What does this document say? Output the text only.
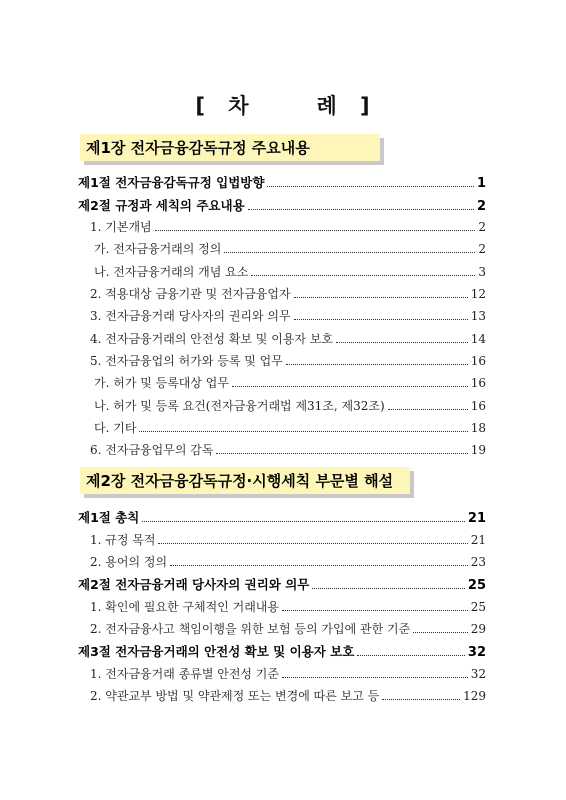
[ 차   례 ]
제1장 전자금융감독규정 주요내용
제1절 전자금융감독규정 입법방향	1
제2절 규정과 세칙의 주요내용	2
1. 기본개념	2
가. 전자금융거래의 정의	2
나. 전자금융거래의 개념 요소	3
2. 적용대상 금융기관 및 전자금융업자	12
3. 전자금융거래 당사자의 권리와 의무	13
4. 전자금융거래의 안전성 확보 및 이용자 보호	14
5. 전자금융업의 허가와 등록 및 업무	16
가. 허가 및 등록대상 업무	16
나. 허가 및 등록 요건(전자금융거래법 제31조, 제32조)	16
다. 기타	18
6. 전자금융업무의 감독	19
제2장 전자금융감독규정·시행세칙 부문별 해설
제1절 총칙	21
1. 규정 목적	21
2. 용어의 정의	23
제2절 전자금융거래 당사자의 권리와 의무	25
1. 확인에 필요한 구체적인 거래내용	25
2. 전자금융사고 책임이행을 위한 보험 등의 가입에 관한 기준	29
제3절 전자금융거래의 안전성 확보 및 이용자 보호	32
1. 전자금융거래 종류별 안전성 기준	32
2. 약관교부 방법 및 약관제정 또는 변경에 따른 보고 등	129
